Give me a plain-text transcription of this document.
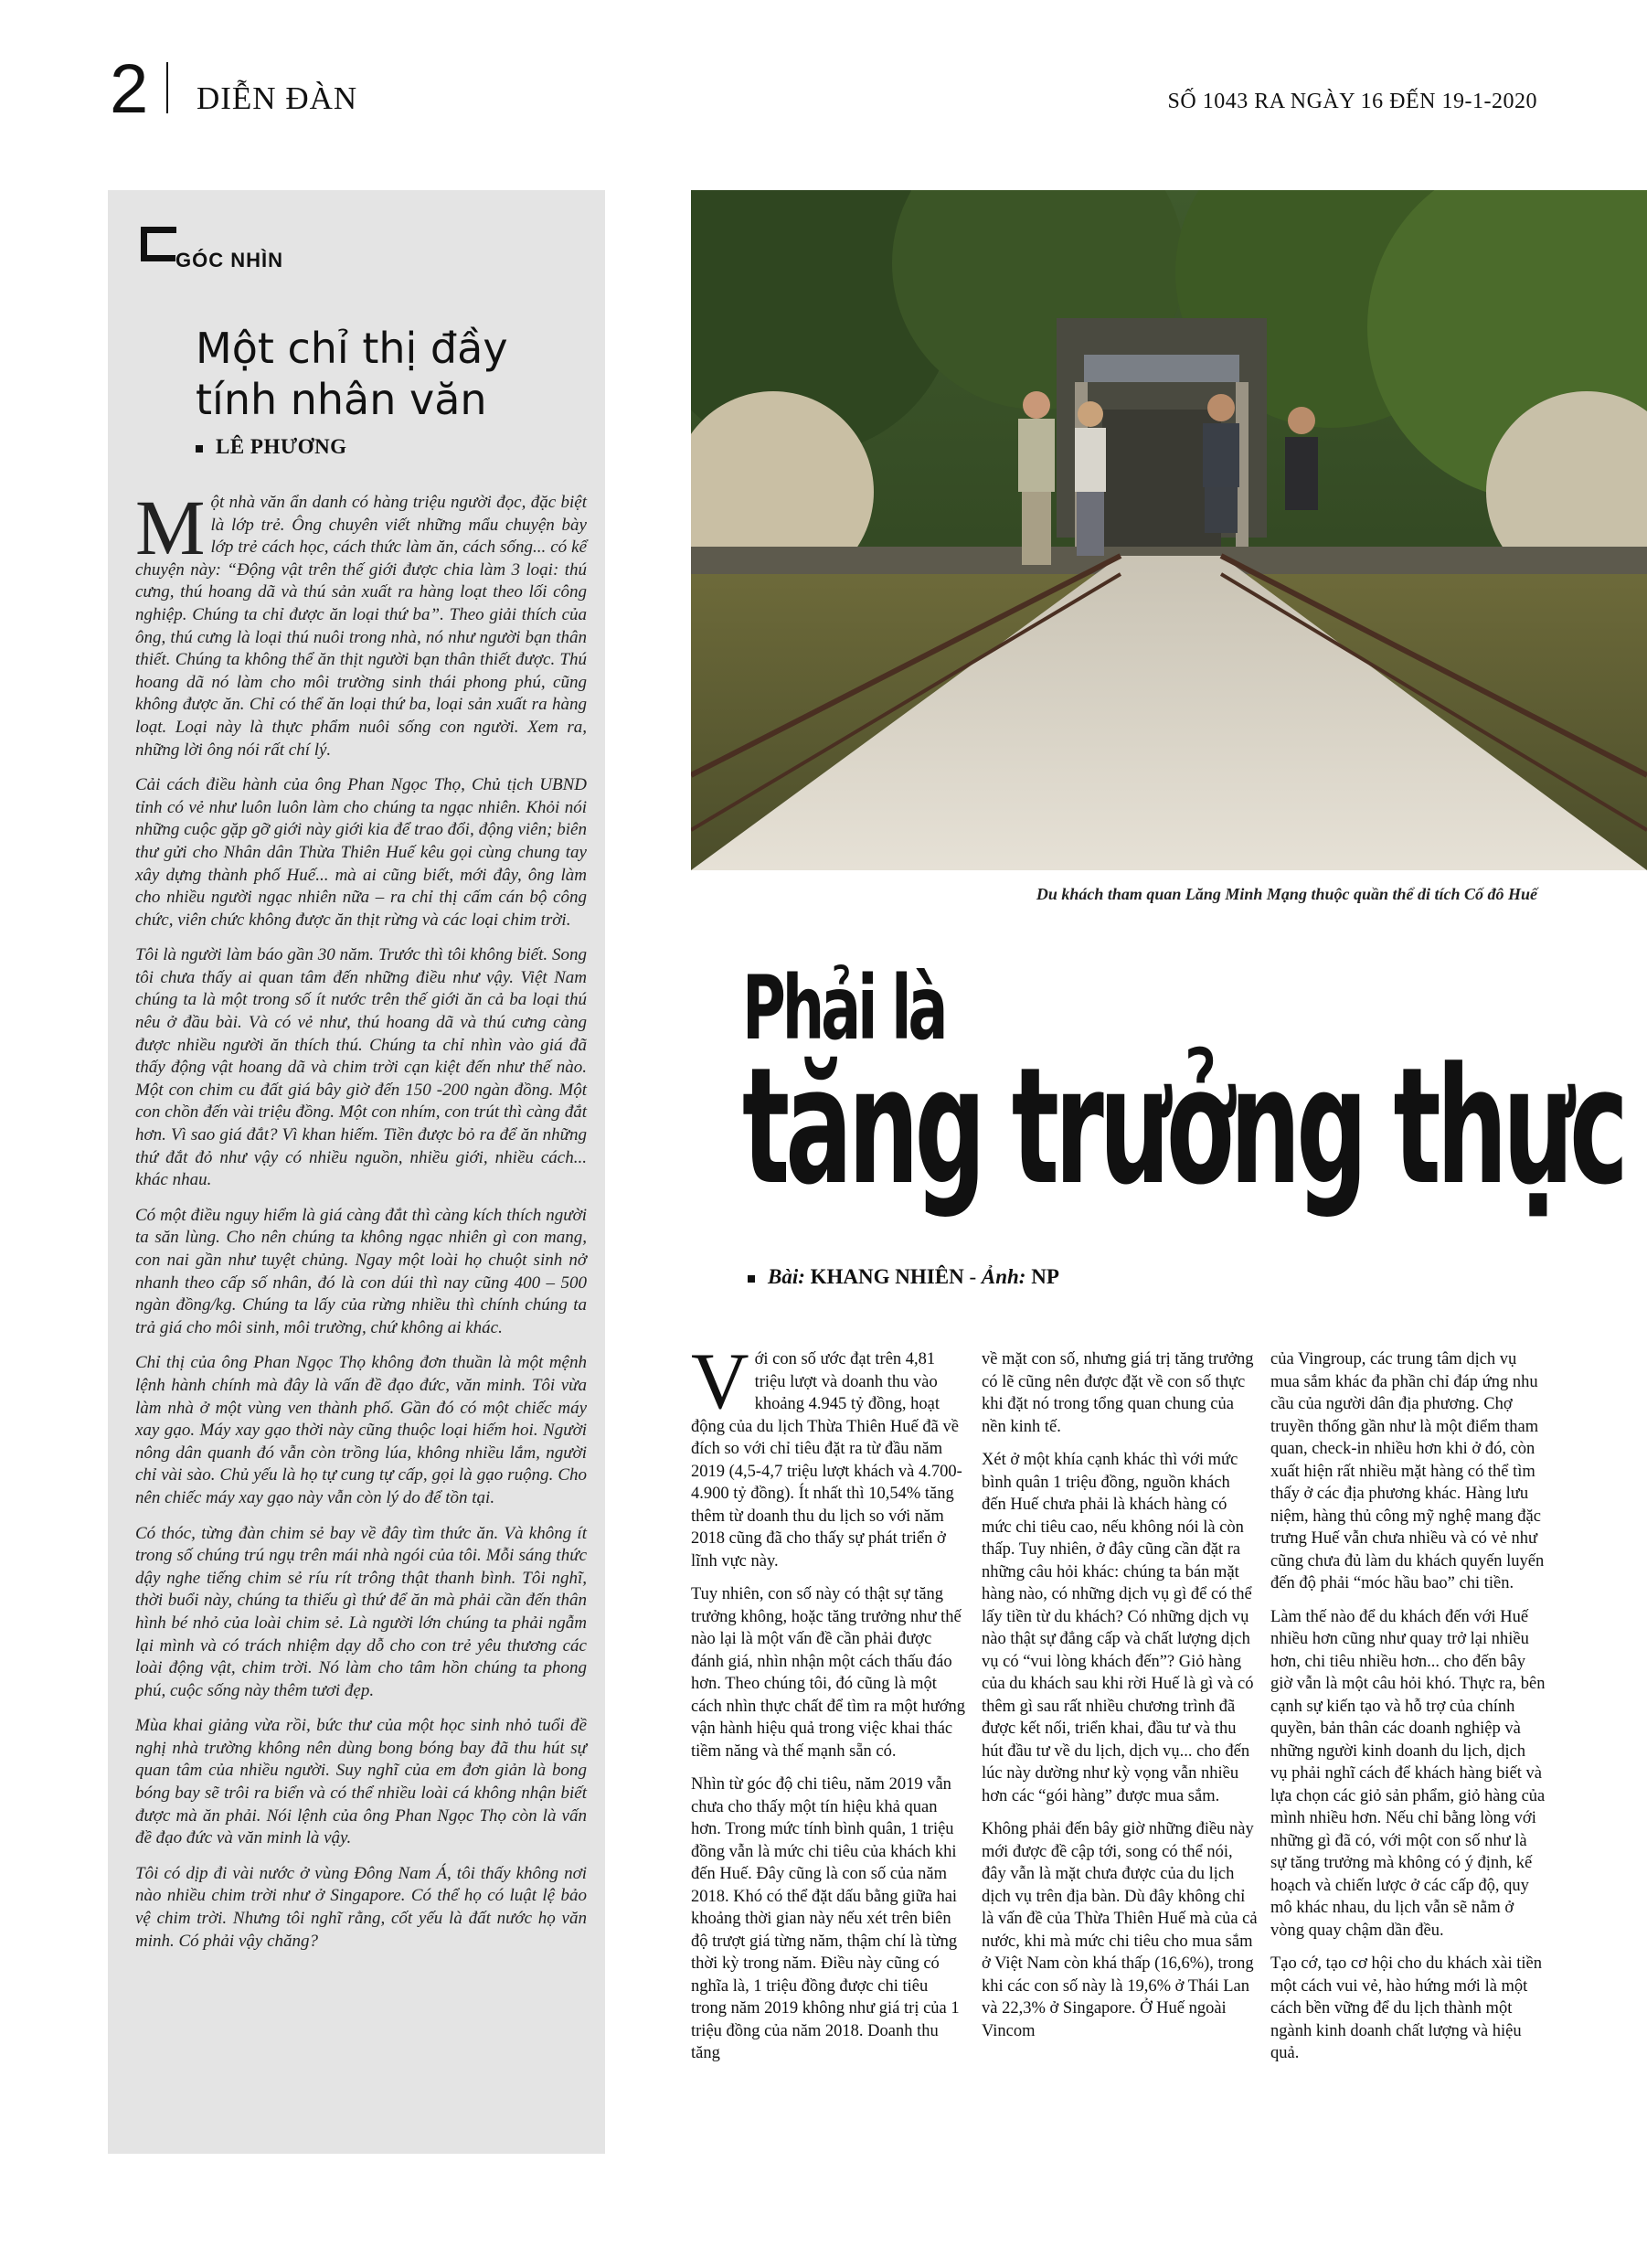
2 DIỄN ĐÀN	SỐ 1043 RA NGÀY 16 ĐẾN 19-1-2020
GÓC NHÌN
Một chỉ thị đầy tính nhân văn
LÊ PHƯƠNG

Một nhà văn ẩn danh có hàng triệu người đọc, đặc biệt là lớp trẻ. Ông chuyên viết những mẩu chuyện bày lớp trẻ cách học, cách thức làm ăn, cách sống... có kể chuyện này: “Động vật trên thế giới được chia làm 3 loại: thú cưng, thú hoang dã và thú sản xuất ra hàng loạt theo lối công nghiệp. Chúng ta chỉ được ăn loại thứ ba”. Theo giải thích của ông, thú cưng là loại thú nuôi trong nhà, nó như người bạn thân thiết. Chúng ta không thể ăn thịt người bạn thân thiết được. Thú hoang dã nó làm cho môi trường sinh thái phong phú, cũng không được ăn. Chỉ có thể ăn loại thứ ba, loại sản xuất ra hàng loạt. Loại này là thực phẩm nuôi sống con người. Xem ra, những lời ông nói rất chí lý.

Cải cách điều hành của ông Phan Ngọc Thọ, Chủ tịch UBND tỉnh có vẻ như luôn luôn làm cho chúng ta ngạc nhiên. Khỏi nói những cuộc gặp gỡ giới này giới kia để trao đổi, động viên; biên thư gửi cho Nhân dân Thừa Thiên Huế kêu gọi cùng chung tay xây dựng thành phố Huế... mà ai cũng biết, mới đây, ông làm cho nhiều người ngạc nhiên nữa – ra chỉ thị cấm cán bộ công chức, viên chức không được ăn thịt rừng và các loại chim trời.

Tôi là người làm báo gần 30 năm. Trước thì tôi không biết. Song tôi chưa thấy ai quan tâm đến những điều như vậy. Việt Nam chúng ta là một trong số ít nước trên thế giới ăn cả ba loại thú nêu ở đầu bài. Và có vẻ như, thú hoang dã và thú cưng càng được nhiều người ăn thích thú. Chúng ta chỉ nhìn vào giá đã thấy động vật hoang dã và chim trời cạn kiệt đến như thế nào. Một con chim cu đất giá bây giờ đến 150 -200 ngàn đồng. Một con chồn đến vài triệu đồng. Một con nhím, con trút thì càng đắt hơn. Vì sao giá đắt? Vì khan hiếm. Tiền được bỏ ra để ăn những thứ đắt đỏ như vậy có nhiều nguồn, nhiều giới, nhiều cách... khác nhau.

Có một điều nguy hiểm là giá càng đắt thì càng kích thích người ta săn lùng. Cho nên chúng ta không ngạc nhiên gì con mang, con nai gần như tuyệt chủng. Ngay một loài họ chuột sinh nở nhanh theo cấp số nhân, đó là con dúi thì nay cũng 400 – 500 ngàn đồng/kg. Chúng ta lấy của rừng nhiều thì chính chúng ta trả giá cho môi sinh, môi trường, chứ không ai khác.

Chỉ thị của ông Phan Ngọc Thọ không đơn thuần là một mệnh lệnh hành chính mà đây là vấn đề đạo đức, văn minh. Tôi vừa làm nhà ở một vùng ven thành phố. Gần đó có một chiếc máy xay gạo. Máy xay gạo thời này cũng thuộc loại hiếm hoi. Người nông dân quanh đó vẫn còn trồng lúa, không nhiều lắm, người chỉ vài sào. Chủ yếu là họ tự cung tự cấp, gọi là gạo ruộng. Cho nên chiếc máy xay gạo này vẫn còn lý do để tồn tại.

Có thóc, từng đàn chim sẻ bay về đây tìm thức ăn. Và không ít trong số chúng trú ngụ trên mái nhà ngói của tôi. Mỗi sáng thức dậy nghe tiếng chim sẻ ríu rít trông thật thanh bình. Tôi nghĩ, thời buổi này, chúng ta thiếu gì thứ để ăn mà phải cần đến thân hình bé nhỏ của loài chim sẻ. Là người lớn chúng ta phải ngẫm lại mình và có trách nhiệm dạy dỗ cho con trẻ yêu thương các loài động vật, chim trời. Nó làm cho tâm hồn chúng ta phong phú, cuộc sống này thêm tươi đẹp.

Mùa khai giảng vừa rồi, bức thư của một học sinh nhỏ tuổi đề nghị nhà trường không nên dùng bong bóng bay đã thu hút sự quan tâm của nhiều người. Suy nghĩ của em đơn giản là bong bóng bay sẽ trôi ra biển và có thể nhiều loài cá không nhận biết được mà ăn phải. Nói lệnh của ông Phan Ngọc Thọ còn là vấn đề đạo đức và văn minh là vậy.

Tôi có dịp đi vài nước ở vùng Đông Nam Á, tôi thấy không nơi nào nhiều chim trời như ở Singapore. Có thể họ có luật lệ bảo vệ chim trời. Nhưng tôi nghĩ rằng, cốt yếu là đất nước họ văn minh. Có phải vậy chăng?

Du khách tham quan Lăng Minh Mạng thuộc quần thể di tích Cố đô Huế
Phải là
tăng trưởng thực
Bài: KHANG NHIÊN - Ảnh: NP

Với con số ước đạt trên 4,81 triệu lượt và doanh thu vào khoảng 4.945 tỷ đồng, hoạt động của du lịch Thừa Thiên Huế đã về đích so với chỉ tiêu đặt ra từ đầu năm 2019 (4,5-4,7 triệu lượt khách và 4.700- 4.900 tỷ đồng). Ít nhất thì 10,54% tăng thêm từ doanh thu du lịch so với năm 2018 cũng đã cho thấy sự phát triển ở lĩnh vực này.

Tuy nhiên, con số này có thật sự tăng trưởng không, hoặc tăng trưởng như thế nào lại là một vấn đề cần phải được đánh giá, nhìn nhận một cách thấu đáo hơn. Theo chúng tôi, đó cũng là một cách nhìn thực chất để tìm ra một hướng vận hành hiệu quả trong việc khai thác tiềm năng và thế mạnh sẵn có.

Nhìn từ góc độ chi tiêu, năm 2019 vẫn chưa cho thấy một tín hiệu khả quan hơn. Trong mức tính bình quân, 1 triệu đồng vẫn là mức chi tiêu của khách khi đến Huế. Đây cũng là con số của năm 2018. Khó có thể đặt dấu bằng giữa hai khoảng thời gian này nếu xét trên biên độ trượt giá từng năm, thậm chí là từng thời kỳ trong năm. Điều này cũng có nghĩa là, 1 triệu đồng được chi tiêu trong năm 2019 không như giá trị của 1 triệu đồng của năm 2018. Doanh thu tăng

về mặt con số, nhưng giá trị tăng trưởng có lẽ cũng nên được đặt về con số thực khi đặt nó trong tổng quan chung của nền kinh tế.

Xét ở một khía cạnh khác thì với mức bình quân 1 triệu đồng, nguồn khách đến Huế chưa phải là khách hàng có mức chi tiêu cao, nếu không nói là còn thấp. Tuy nhiên, ở đây cũng cần đặt ra những câu hỏi khác: chúng ta bán mặt hàng nào, có những dịch vụ gì để có thể lấy tiền từ du khách? Có những dịch vụ nào thật sự đẳng cấp và chất lượng dịch vụ có “vui lòng khách đến”? Giỏ hàng của du khách sau khi rời Huế là gì và có thêm gì sau rất nhiều chương trình đã được kết nối, triển khai, đầu tư và thu hút đầu tư về du lịch, dịch vụ... cho đến lúc này dường như kỳ vọng vẫn nhiều hơn các “gói hàng” được mua sắm.

Không phải đến bây giờ những điều này mới được đề cập tới, song có thể nói, đây vẫn là mặt chưa được của du lịch dịch vụ trên địa bàn. Dù đây không chỉ là vấn đề của Thừa Thiên Huế mà của cả nước, khi mà mức chi tiêu cho mua sắm ở Việt Nam còn khá thấp (16,6%), trong khi các con số này là 19,6% ở Thái Lan và 22,3% ở Singapore. Ở Huế ngoài Vincom

của Vingroup, các trung tâm dịch vụ mua sắm khác đa phần chỉ đáp ứng nhu cầu của người dân địa phương. Chợ truyền thống gần như là một điểm tham quan, check-in nhiều hơn khi ở đó, còn xuất hiện rất nhiều mặt hàng có thể tìm thấy ở các địa phương khác. Hàng lưu niệm, hàng thủ công mỹ nghệ mang đặc trưng Huế vẫn chưa nhiều và có vẻ như cũng chưa đủ làm du khách quyến luyến đến độ phải “móc hầu bao” chi tiền.

Làm thế nào để du khách đến với Huế nhiều hơn cũng như quay trở lại nhiều hơn, chi tiêu nhiều hơn... cho đến bây giờ vẫn là một câu hỏi khó. Thực ra, bên cạnh sự kiến tạo và hỗ trợ của chính quyền, bản thân các doanh nghiệp và những người kinh doanh du lịch, dịch vụ phải nghĩ cách để khách hàng biết và lựa chọn các giỏ sản phẩm, giỏ hàng của mình nhiều hơn. Nếu chỉ bằng lòng với những gì đã có, với một con số như là sự tăng trưởng mà không có ý định, kế hoạch và chiến lược ở các cấp độ, quy mô khác nhau, du lịch vẫn sẽ nằm ở vòng quay chậm dần đều.

Tạo cớ, tạo cơ hội cho du khách xài tiền một cách vui vẻ, hào hứng mới là một cách bền vững để du lịch thành một ngành kinh doanh chất lượng và hiệu quả.
